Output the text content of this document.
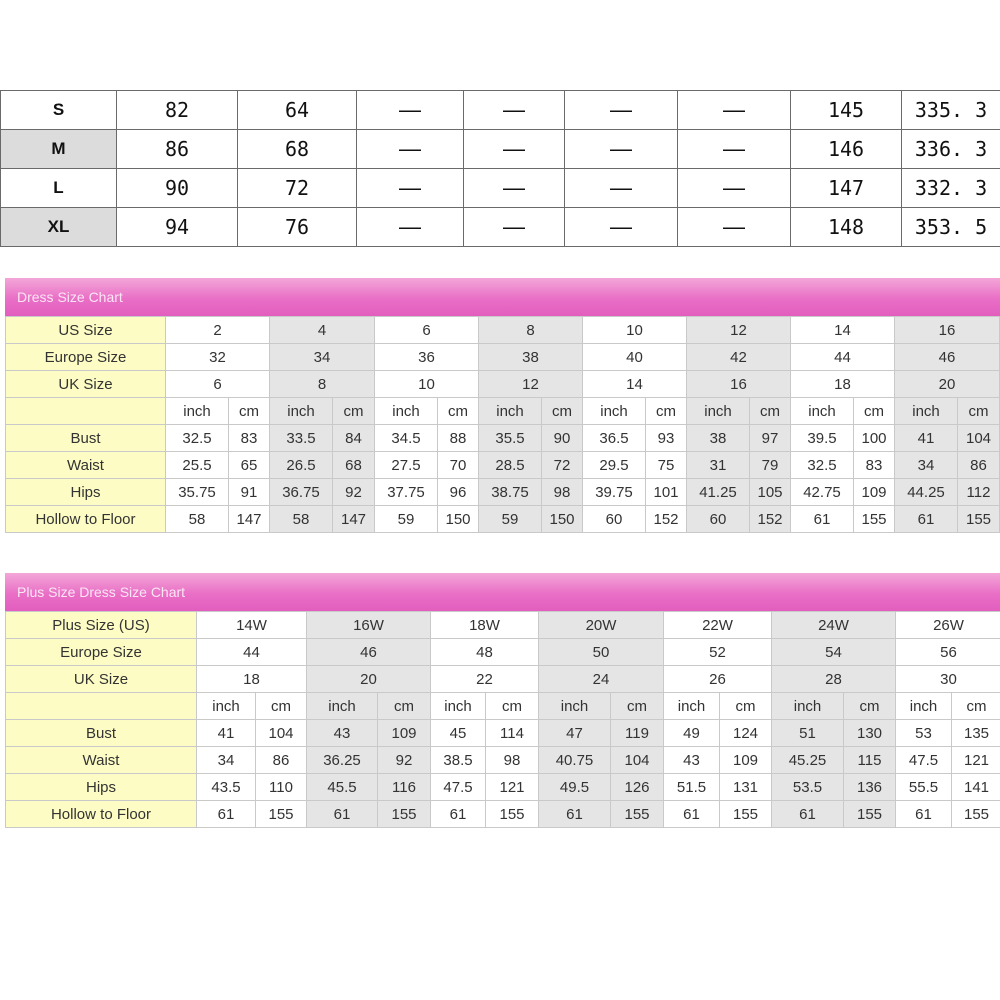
S	82	64	—	—	—	—	145	335. 3
M	86	68	—	—	—	—	146	336. 3
L	90	72	—	—	—	—	147	332. 3
XL	94	76	—	—	—	—	148	353. 5
Dress Size Chart
US Size	2		4		6		8		10		12		14		16	
Europe Size	32		34		36		38		40		42		44		46	
UK Size	6		8		10		12		14		16		18		20	
	inch	cm	inch	cm	inch	cm	inch	cm	inch	cm	inch	cm	inch	cm	inch	cm
Bust	32.5	83	33.5	84	34.5	88	35.5	90	36.5	93	38	97	39.5	100	41	104
Waist	25.5	65	26.5	68	27.5	70	28.5	72	29.5	75	31	79	32.5	83	34	86
Hips	35.75	91	36.75	92	37.75	96	38.75	98	39.75	101	41.25	105	42.75	109	44.25	112
Hollow to Floor	58	147	58	147	59	150	59	150	60	152	60	152	61	155	61	155
Plus Size Dress Size Chart
Plus Size (US)	14W		16W		18W		20W		22W		24W		26W	
Europe Size	44		46		48		50		52		54		56	
UK Size	18		20		22		24		26		28		30	
	inch	cm	inch	cm	inch	cm	inch	cm	inch	cm	inch	cm	inch	cm
Bust	41	104	43	109	45	114	47	119	49	124	51	130	53	135
Waist	34	86	36.25	92	38.5	98	40.75	104	43	109	45.25	115	47.5	121
Hips	43.5	110	45.5	116	47.5	121	49.5	126	51.5	131	53.5	136	55.5	141
Hollow to Floor	61	155	61	155	61	155	61	155	61	155	61	155	61	155
